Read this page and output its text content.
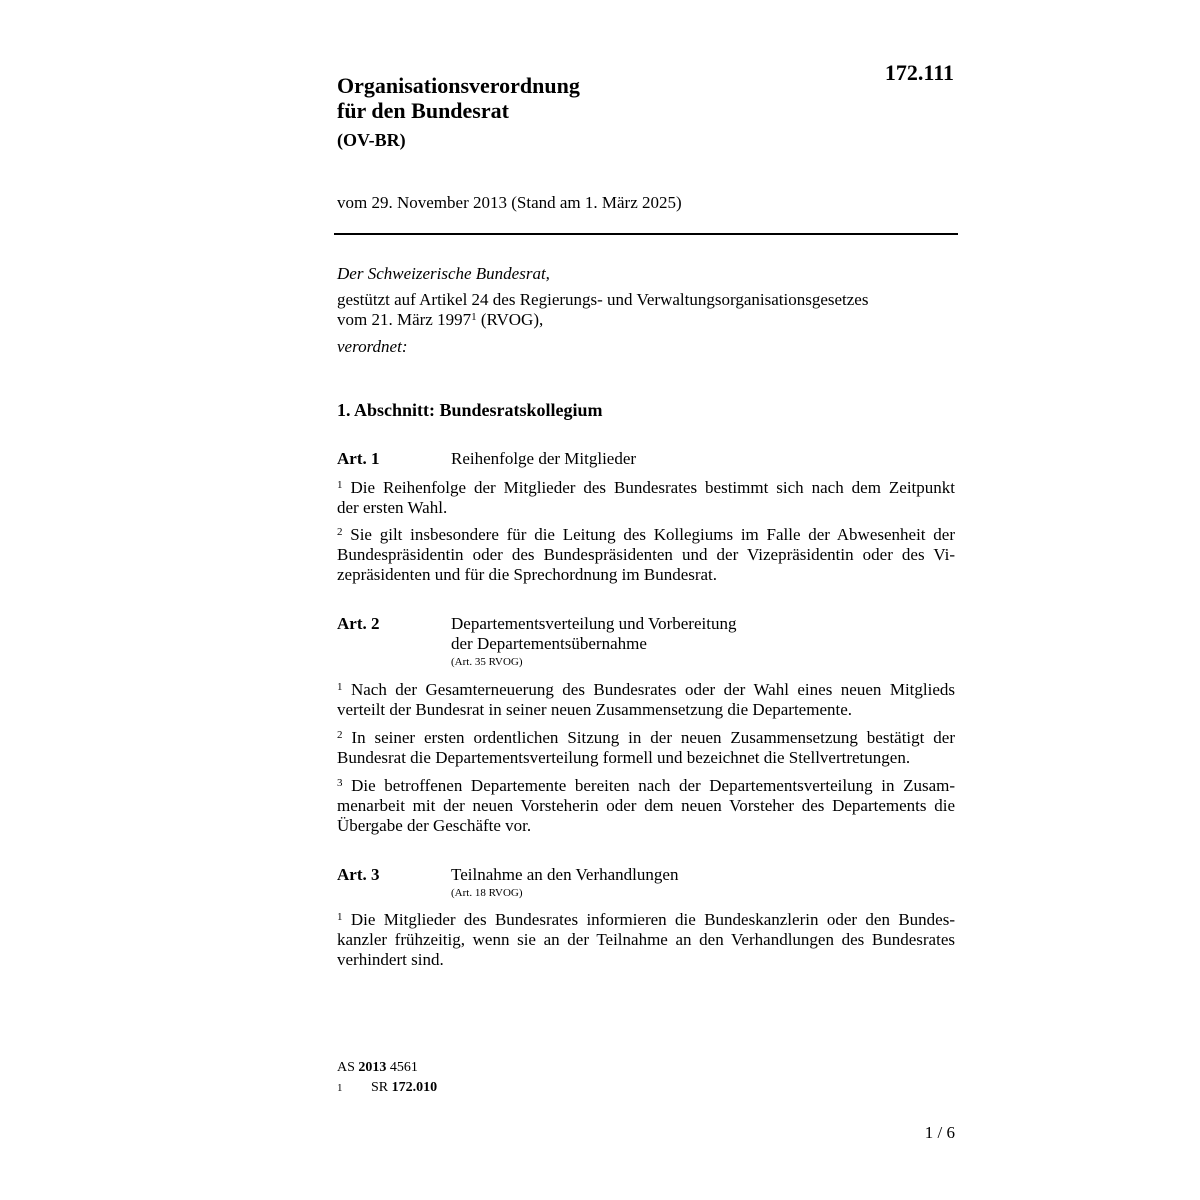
172.111
Organisationsverordnung
für den Bundesrat
(OV-BR)
vom 29. November 2013 (Stand am 1. März 2025)
Der Schweizerische Bundesrat,
gestützt auf Artikel 24 des Regierungs- und Verwaltungsorganisationsgesetzes
vom 21. März 1997$^1$ (RVOG),
verordnet:
1. Abschnitt: Bundesratskollegium
Art. 1	Reihenfolge der Mitglieder
$^1$ Die Reihenfolge der Mitglieder des Bundesrates bestimmt sich nach dem Zeitpunkt
der ersten Wahl.
$^2$ Sie gilt insbesondere für die Leitung des Kollegiums im Falle der Abwesenheit der
Bundespräsidentin oder des Bundespräsidenten und der Vizepräsidentin oder des Vi-
zepräsidenten und für die Sprechordnung im Bundesrat.
Art. 2	Departementsverteilung und Vorbereitung
der Departementsübernahme
(Art. 35 RVOG)
$^1$ Nach der Gesamterneuerung des Bundesrates oder der Wahl eines neuen Mitglieds
verteilt der Bundesrat in seiner neuen Zusammensetzung die Departemente.
$^2$ In seiner ersten ordentlichen Sitzung in der neuen Zusammensetzung bestätigt der
Bundesrat die Departementsverteilung formell und bezeichnet die Stellvertretungen.
$^3$ Die betroffenen Departemente bereiten nach der Departementsverteilung in Zusam-
menarbeit mit der neuen Vorsteherin oder dem neuen Vorsteher des Departements die
Übergabe der Geschäfte vor.
Art. 3	Teilnahme an den Verhandlungen
(Art. 18 RVOG)
$^1$ Die Mitglieder des Bundesrates informieren die Bundeskanzlerin oder den Bundes-
kanzler frühzeitig, wenn sie an der Teilnahme an den Verhandlungen des Bundesrates
verhindert sind.
AS 2013 4561
1 SR 172.010
1 / 6
